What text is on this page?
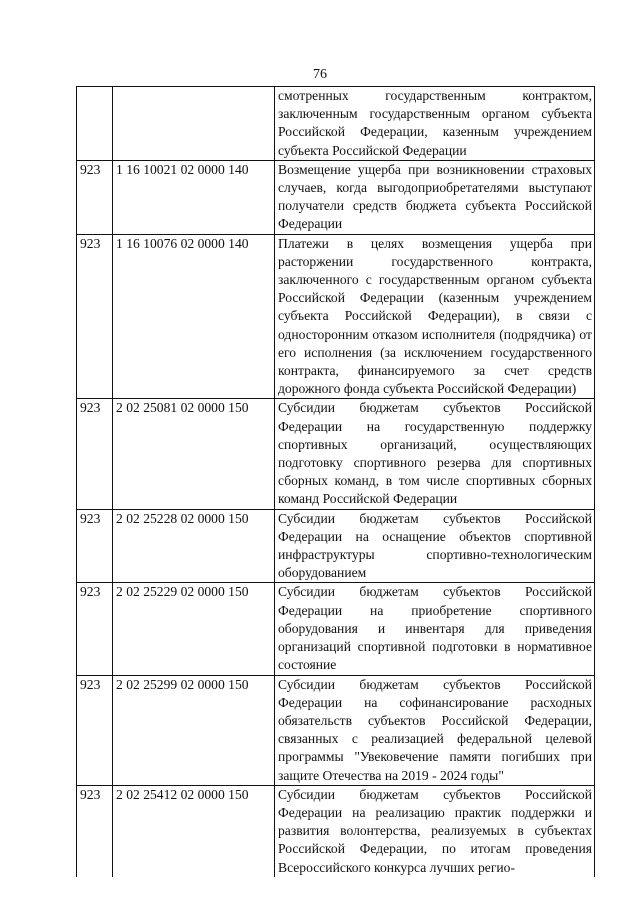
76
		смотренных государственным контрактом, заключенным государственным органом субъекта Российской Федерации, казенным учреждением субъекта Российской Федерации
923	1 16 10021 02 0000 140	Возмещение ущерба при возникновении страховых случаев, когда выгодоприобретателями выступают получатели средств бюджета субъекта Российской Федерации
923	1 16 10076 02 0000 140	Платежи в целях возмещения ущерба при расторжении государственного контракта, заключенного с государственным органом субъекта Российской Федерации (казенным учреждением субъекта Российской Федерации), в связи с односторонним отказом исполнителя (подрядчика) от его исполнения (за исключением государственного контракта, финансируемого за счет средств дорожного фонда субъекта Российской Федерации)
923	2 02 25081 02 0000 150	Субсидии бюджетам субъектов Российской Федерации на государственную поддержку спортивных организаций, осуществляющих подготовку спортивного резерва для спортивных сборных команд, в том числе спортивных сборных команд Российской Федерации
923	2 02 25228 02 0000 150	Субсидии бюджетам субъектов Российской Федерации на оснащение объектов спортивной инфраструктуры спортивно-технологическим оборудованием
923	2 02 25229 02 0000 150	Субсидии бюджетам субъектов Российской Федерации на приобретение спортивного оборудования и инвентаря для приведения организаций спортивной подготовки в нормативное состояние
923	2 02 25299 02 0000 150	Субсидии бюджетам субъектов Российской Федерации на софинансирование расходных обязательств субъектов Российской Федерации, связанных с реализацией федеральной целевой программы "Увековечение памяти погибших при защите Отечества на 2019 - 2024 годы"
923	2 02 25412 02 0000 150	Субсидии бюджетам субъектов Российской Федерации на реализацию практик поддержки и развития волонтерства, реализуемых в субъектах Российской Федерации, по итогам проведения Всероссийского конкурса лучших регио-
